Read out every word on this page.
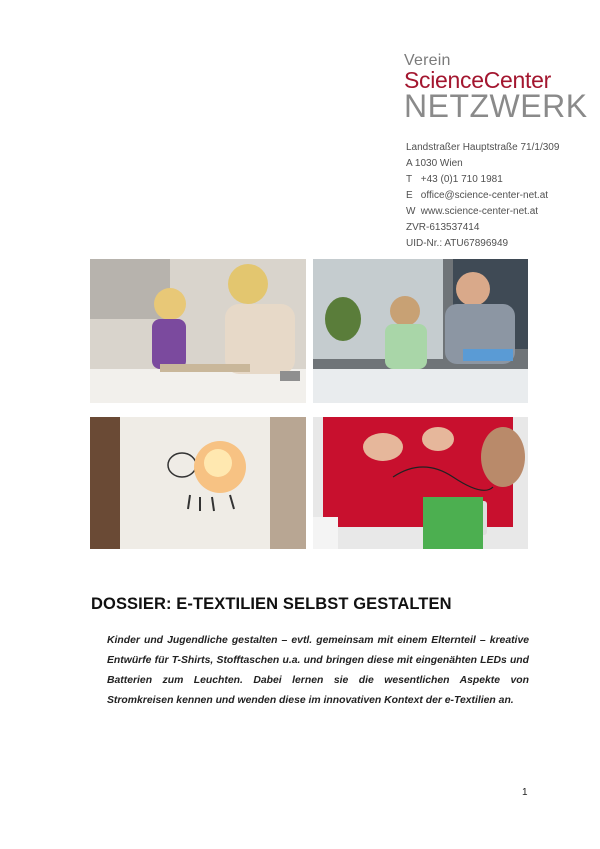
Verein
ScienceCenter
NETZWERK
Landstraßer Hauptstraße 71/1/309
A 1030 Wien
T +43 (0)1 710 1981
E office@science-center-net.at
W www.science-center-net.at
ZVR-613537414
UID-Nr.: ATU67896949
DOSSIER: E-TEXTILIEN SELBST GESTALTEN
Kinder und Jugendliche gestalten – evtl. gemeinsam mit einem Elternteil – kreative Entwürfe für T-Shirts, Stofftaschen u.a. und bringen diese mit eingenähten LEDs und Batterien zum Leuchten. Dabei lernen sie die wesentlichen Aspekte von Stromkreisen kennen und wenden diese im innovativen Kontext der e-Textilien an.
1
